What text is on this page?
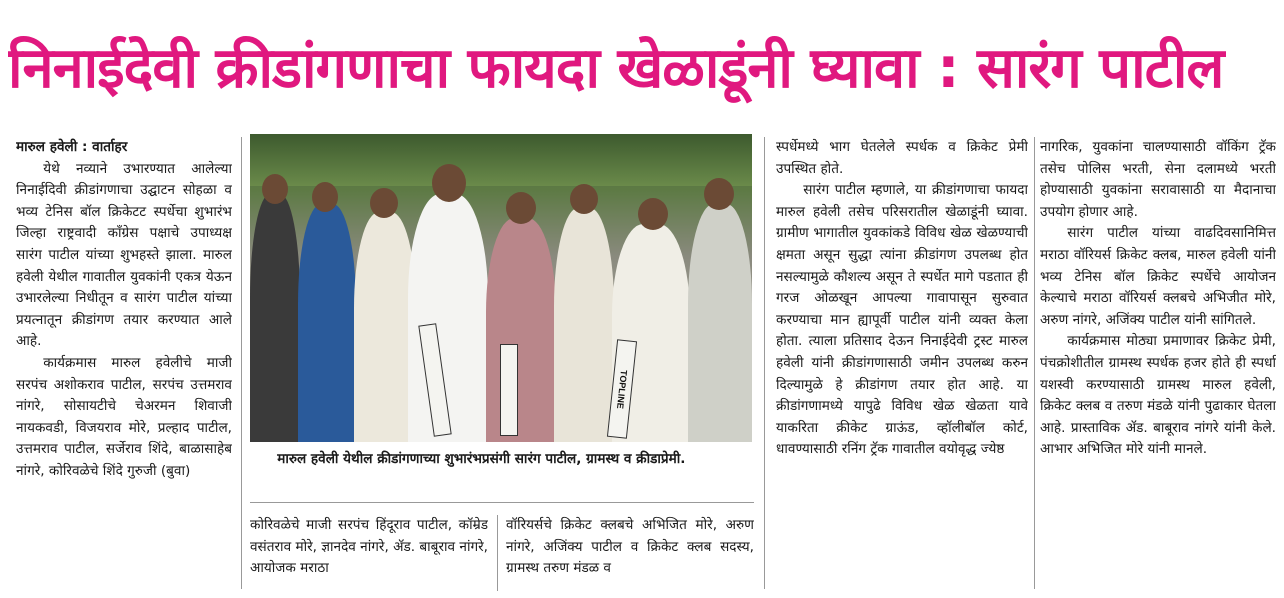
निनाईदेवी क्रीडांगणाचा फायदा खेळाडूंनी घ्यावा : सारंग पाटील

मारुल हवेली : वार्ताहर

येथे नव्याने उभारण्यात आलेल्या निनाईदिवी क्रीडांगणाचा उद्घाटन सोहळा व भव्य टेनिस बॉल क्रिकेटट स्पर्धेचा शुभारंभ जिल्हा राष्ट्रवादी कॉंग्रेस पक्षाचे उपाध्यक्ष सारंग पाटील यांच्या शुभहस्ते झाला. मारुल हवेली येथील गावातील युवकांनी एकत्र येऊन उभारलेल्या निधीतून व सारंग पाटील यांच्या प्रयत्नातून क्रीडांगण तयार करण्यात आले आहे.

कार्यक्रमास मारुल हवेलीचे माजी सरपंच अशोकराव पाटील, सरपंच उत्तमराव नांगरे, सोसायटीचे चेअरमन शिवाजी नायकवडी, विजयराव मोरे, प्रल्हाद पाटील, उत्तमराव पाटील, सर्जेराव शिंदे, बाळासाहेब नांगरे, कोरिवळेचे शिंदे गुरुजी (बुवा)

TOPLINE
मारुल हवेली येथील क्रीडांगणाच्या शुभारंभप्रसंगी सारंग पाटील, ग्रामस्थ व क्रीडाप्रेमी.

कोरिवळेचे माजी सरपंच हिंदूराव पाटील, कॉम्रेड वसंतराव मोरे, ज्ञानदेव नांगरे, ॲड. बाबूराव नांगरे, आयोजक मराठा

वॉरियर्सचे क्रिकेट क्लबचे अभिजित मोरे, अरुण नांगरे, अजिंक्य पाटील व क्रिकेट क्लब सदस्य, ग्रामस्थ तरुण मंडळ व

स्पर्धेमध्ये भाग घेतलेले स्पर्धक व क्रिकेट प्रेमी उपस्थित होते.

सारंग पाटील म्हणाले, या क्रीडांगणाचा फायदा मारुल हवेली तसेच परिसरातील खेळाडूंनी घ्यावा. ग्रामीण भागातील युवकांकडे विविध खेळ खेळण्याची क्षमता असून सुद्धा त्यांना क्रीडांगण उपलब्ध होत नसल्यामुळे कौशल्य असून ते स्पर्धेत मागे पडतात ही गरज ओळखून आपल्या गावापासून सुरुवात करण्याचा मान ह्यापूर्वी पाटील यांनी व्यक्त केला होता. त्याला प्रतिसाद देऊन निनाईदेवी ट्रस्ट मारुल हवेली यांनी क्रीडांगणासाठी जमीन उपलब्ध करुन दिल्यामुळे हे क्रीडांगण तयार होत आहे. या क्रीडांगणामध्ये यापुढे विविध खेळ खेळता यावे याकरिता क्रीकेट ग्राऊंड, व्हॉलीबॉल कोर्ट, धावण्यासाठी रनिंग ट्रॅक गावातील वयोवृद्ध ज्येष्ठ

नागरिक, युवकांना चालण्यासाठी वॉकिंग ट्रॅक तसेच पोलिस भरती, सेना दलामध्ये भरती होण्यासाठी युवकांना सरावासाठी या मैदानाचा उपयोग होणार आहे.

सारंग पाटील यांच्या वाढदिवसानिमित्त मराठा वॉरियर्स क्रिकेट क्लब, मारुल हवेली यांनी भव्य टेनिस बॉल क्रिकेट स्पर्धेचे आयोजन केल्याचे मराठा वॉरियर्स क्लबचे अभिजीत मोरे, अरुण नांगरे, अजिंक्य पाटील यांनी सांगितले.

कार्यक्रमास मोठ्या प्रमाणावर क्रिकेट प्रेमी, पंचक्रोशीतील ग्रामस्थ स्पर्धक हजर होते ही स्पर्धा यशस्वी करण्यासाठी ग्रामस्थ मारुल हवेली, क्रिकेट क्लब व तरुण मंडळे यांनी पुढाकार घेतला आहे. प्रास्ताविक ॲड. बाबूराव नांगरे यांनी केले. आभार अभिजित मोरे यांनी मानले.
